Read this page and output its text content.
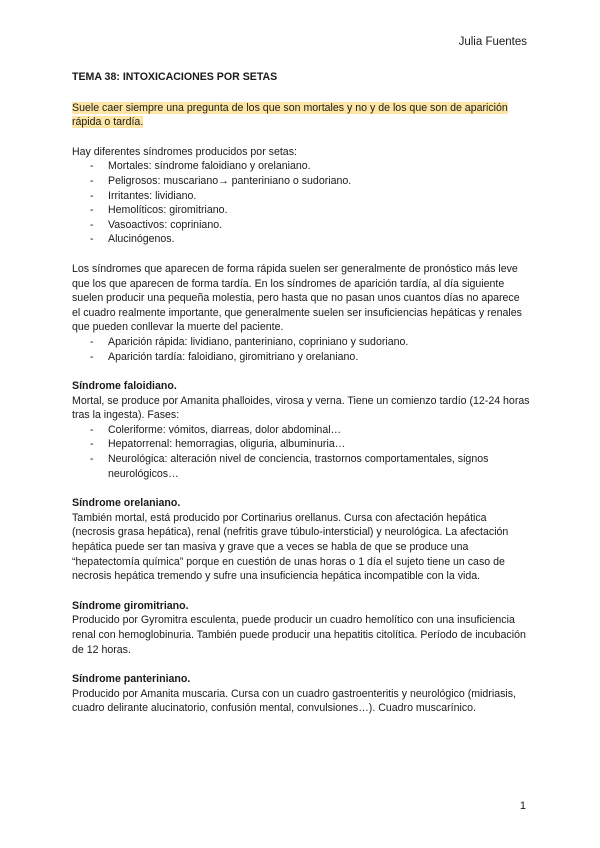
Julia Fuentes

TEMA 38: INTOXICACIONES POR SETAS

Suele caer siempre una pregunta de los que son mortales y no y de los que son de aparición rápida o tardía.

Hay diferentes síndromes producidos por setas:

- Mortales: síndrome faloidiano y orelaniano.
- Peligrosos: muscariano→ panteriniano o sudoriano.
- Irritantes: lividiano.
- Hemolíticos: giromitriano.
- Vasoactivos: copriniano.
- Alucinógenos.

Los síndromes que aparecen de forma rápida suelen ser generalmente de pronóstico más leve que los que aparecen de forma tardía. En los síndromes de aparición tardía, al día siguiente suelen producir una pequeña molestia, pero hasta que no pasan unos cuantos días no aparece el cuadro realmente importante, que generalmente suelen ser insuficiencias hepáticas y renales que pueden conllevar la muerte del paciente.

- Aparición rápida: lividiano, panteriniano, copriniano y sudoriano.
- Aparición tardía: faloidiano, giromitriano y orelaniano.

Síndrome faloidiano.

Mortal, se produce por Amanita phalloides, virosa y verna. Tiene un comienzo tardío (12-24 horas tras la ingesta). Fases:

- Coleriforme: vómitos, diarreas, dolor abdominal…
- Hepatorrenal: hemorragias, oliguria, albuminuria…
- Neurológica: alteración nivel de conciencia, trastornos comportamentales, signos neurológicos…

Síndrome orelaniano.

También mortal, está producido por Cortinarius orellanus. Cursa con afectación hepática (necrosis grasa hepática), renal (nefritis grave túbulo-intersticial) y neurológica. La afectación hepática puede ser tan masiva y grave que a veces se habla de que se produce una “hepatectomía química” porque en cuestión de unas horas o 1 día el sujeto tiene un caso de necrosis hepática tremendo y sufre una insuficiencia hepática incompatible con la vida.

Síndrome giromitriano.

Producido por Gyromitra esculenta, puede producir un cuadro hemolítico con una insuficiencia renal con hemoglobinuria. También puede producir una hepatitis citolítica. Período de incubación de 12 horas.

Síndrome panteriniano.

Producido por Amanita muscaria. Cursa con un cuadro gastroenteritis y neurológico (midriasis, cuadro delirante alucinatorio, confusión mental, convulsiones…). Cuadro muscarínico.

1
